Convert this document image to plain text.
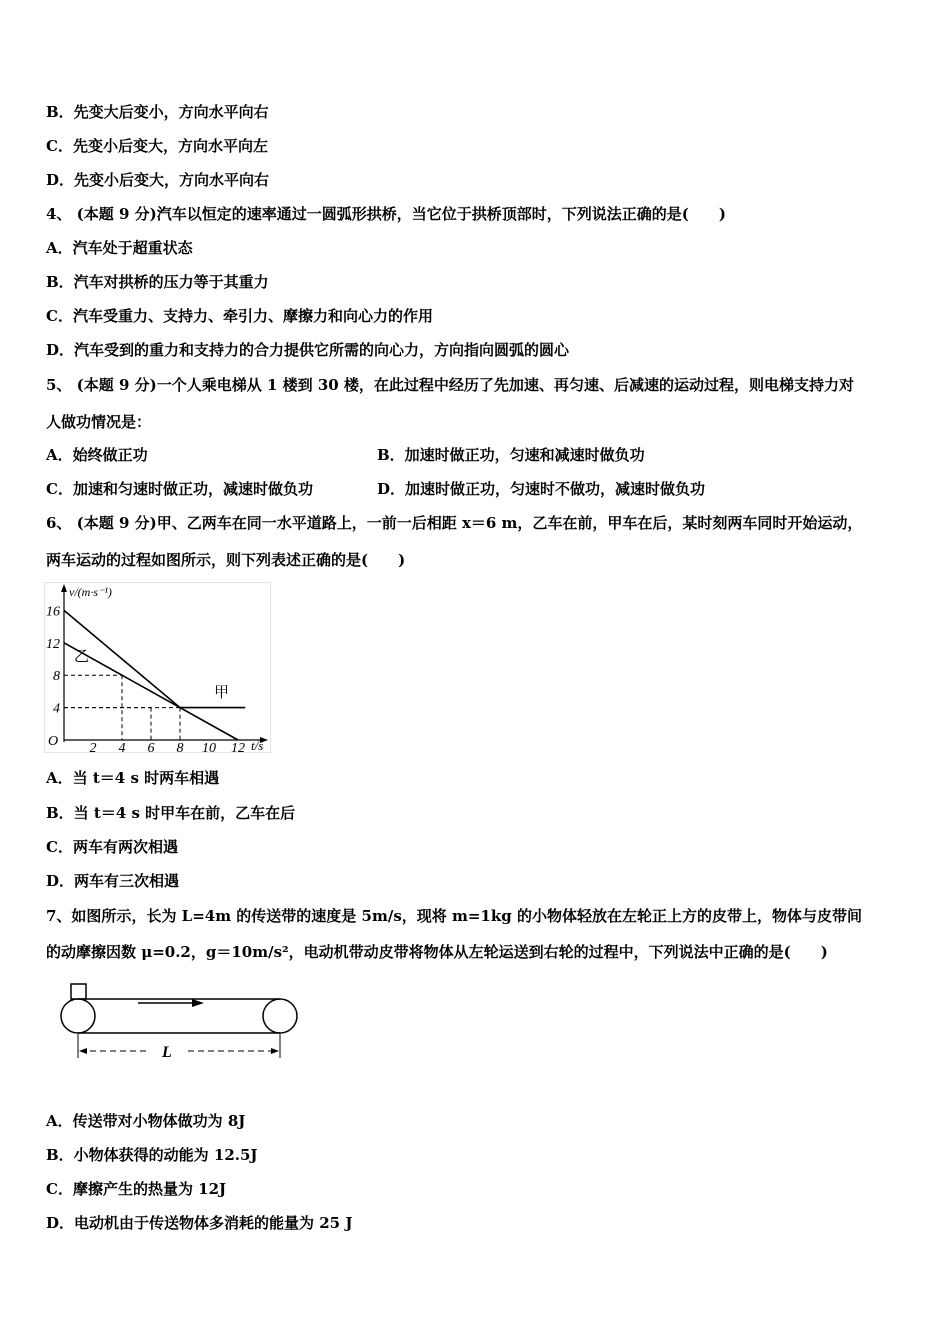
B．先变大后变小，方向水平向右
C．先变小后变大，方向水平向左
D．先变小后变大，方向水平向右
4、 (本题 9 分)汽车以恒定的速率通过一圆弧形拱桥，当它位于拱桥顶部时，下列说法正确的是(　　)
A．汽车处于超重状态
B．汽车对拱桥的压力等于其重力
C．汽车受重力、支持力、牵引力、摩擦力和向心力的作用
D．汽车受到的重力和支持力的合力提供它所需的向心力，方向指向圆弧的圆心
5、 (本题 9 分)一个人乘电梯从 1 楼到 30 楼，在此过程中经历了先加速、再匀速、后减速的运动过程，则电梯支持力对
人做功情况是：
A．始终做正功	B．加速时做正功，匀速和减速时做负功
C．加速和匀速时做正功，减速时做负功	D．加速时做正功，匀速时不做功，减速时做负功
6、 (本题 9 分)甲、乙两车在同一水平道路上，一前一后相距 x＝6 m，乙车在前，甲车在后，某时刻两车同时开始运动，
两车运动的过程如图所示，则下列表述正确的是(　　)
2 4 6 8 10 12
4
8
12
16
v/(m·s⁻¹)
t/s
O
乙
甲
A．当 t＝4 s 时两车相遇
B．当 t＝4 s 时甲车在前，乙车在后
C．两车有两次相遇
D．两车有三次相遇
7、如图所示，长为 L=4m 的传送带的速度是 5m/s，现将 m=1kg 的小物体轻放在左轮正上方的皮带上，物体与皮带间
的动摩擦因数 μ=0.2，g＝10m/s²，电动机带动皮带将物体从左轮运送到右轮的过程中，下列说法中正确的是(　　)
L
A．传送带对小物体做功为 8J
B．小物体获得的动能为 12.5J
C．摩擦产生的热量为 12J
D．电动机由于传送物体多消耗的能量为 25 J
